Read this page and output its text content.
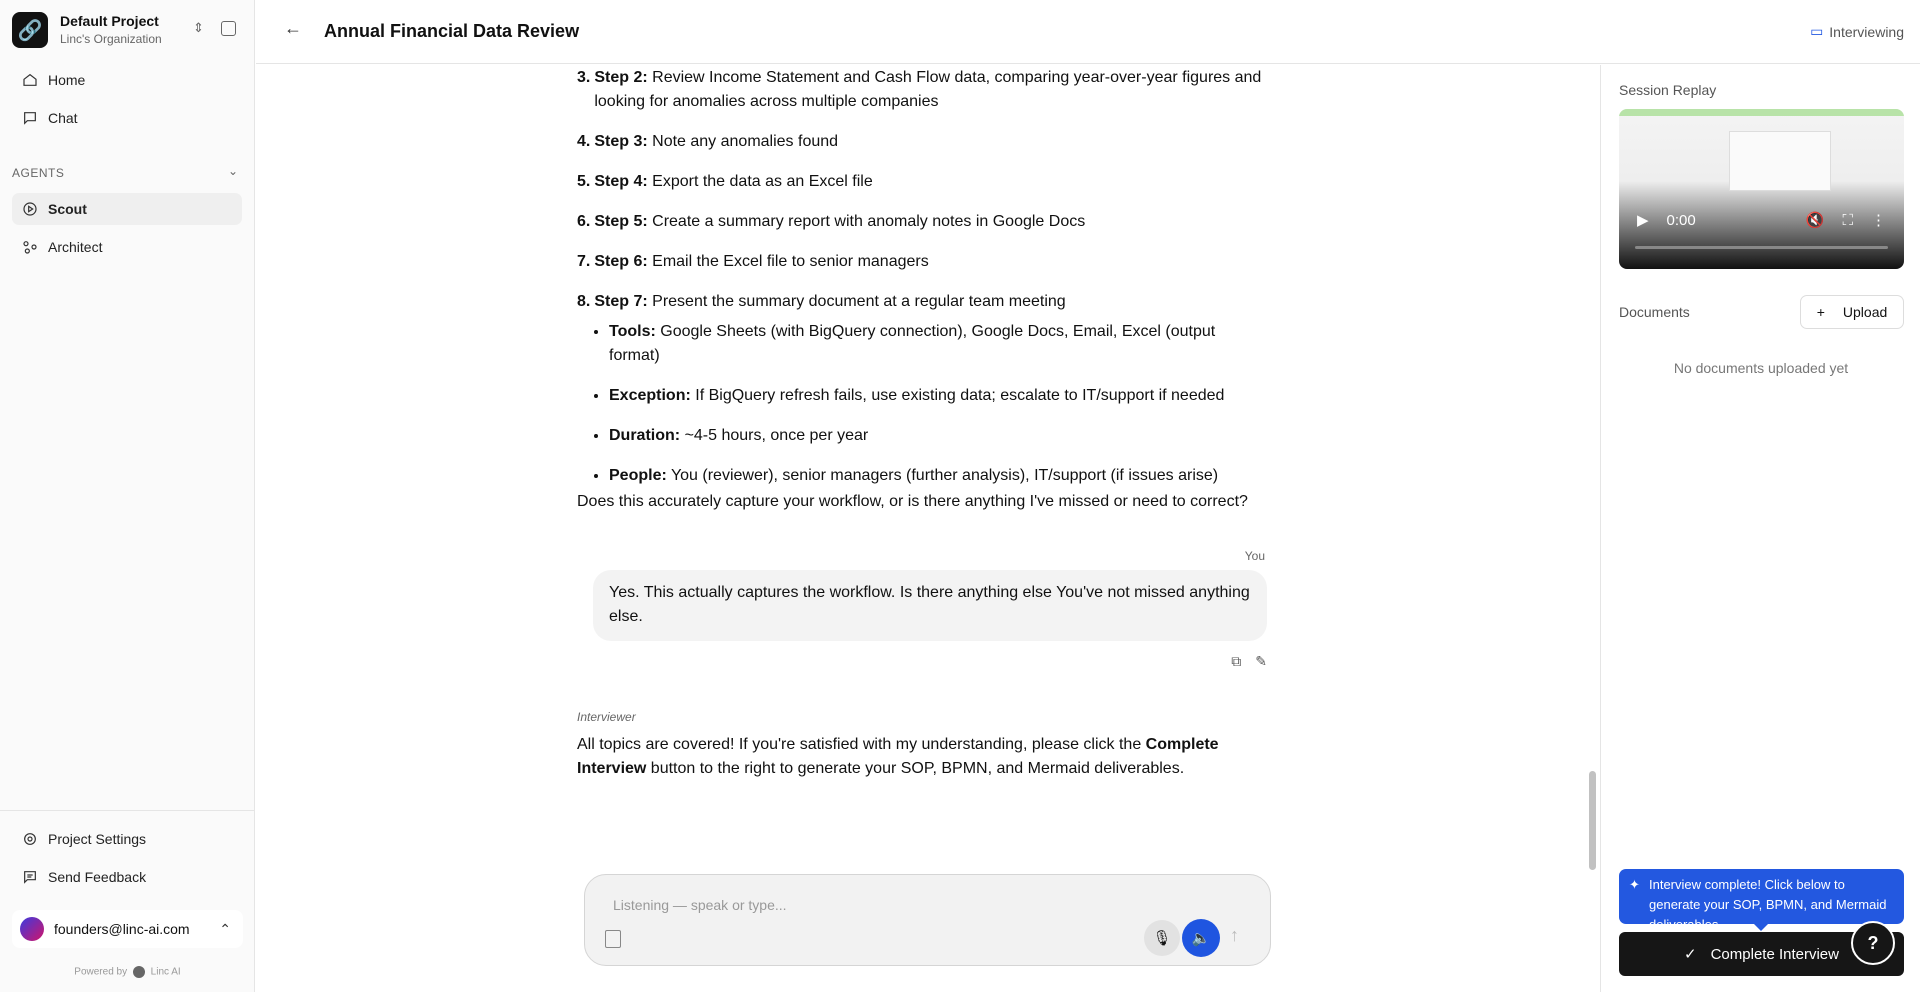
🔗	Default Project
Linc's Organization
⇕
Home
Chat
AGENTS	⌄
Scout
Architect
Project Settings
Send Feedback
founders@linc-ai.com ⌃
Powered by Linc AI
← Annual Financial Data Review	▭ Interviewing
3. Step 2: Review Income Statement and Cash Flow data, comparing year-over-year figures and looking for anomalies across multiple companies
4. Step 3: Note any anomalies found
5. Step 4: Export the data as an Excel file
6. Step 5: Create a summary report with anomaly notes in Google Docs
7. Step 6: Email the Excel file to senior managers
8. Step 7: Present the summary document at a regular team meeting
• Tools: Google Sheets (with BigQuery connection), Google Docs, Email, Excel (output format)
• Exception: If BigQuery refresh fails, use existing data; escalate to IT/support if needed
• Duration: ~4-5 hours, once per year
• People: You (reviewer), senior managers (further analysis), IT/support (if issues arise)
Does this accurately capture your workflow, or is there anything I've missed or need to correct?
You
Yes. This actually captures the workflow. Is there anything else You've not missed anything else.
⧉ ✎
Interviewer
All topics are covered! If you're satisfied with my understanding, please click the Complete Interview button to the right to generate your SOP, BPMN, and Mermaid deliverables.
Listening — speak or type...
🎙 🔈 ↑
Session Replay
▶ 0:00	🔇 ⛶ ⋮
Documents	+ Upload
No documents uploaded yet
✦ Interview complete! Click below to generate your SOP, BPMN, and Mermaid deliverables.
✓ Complete Interview
?
